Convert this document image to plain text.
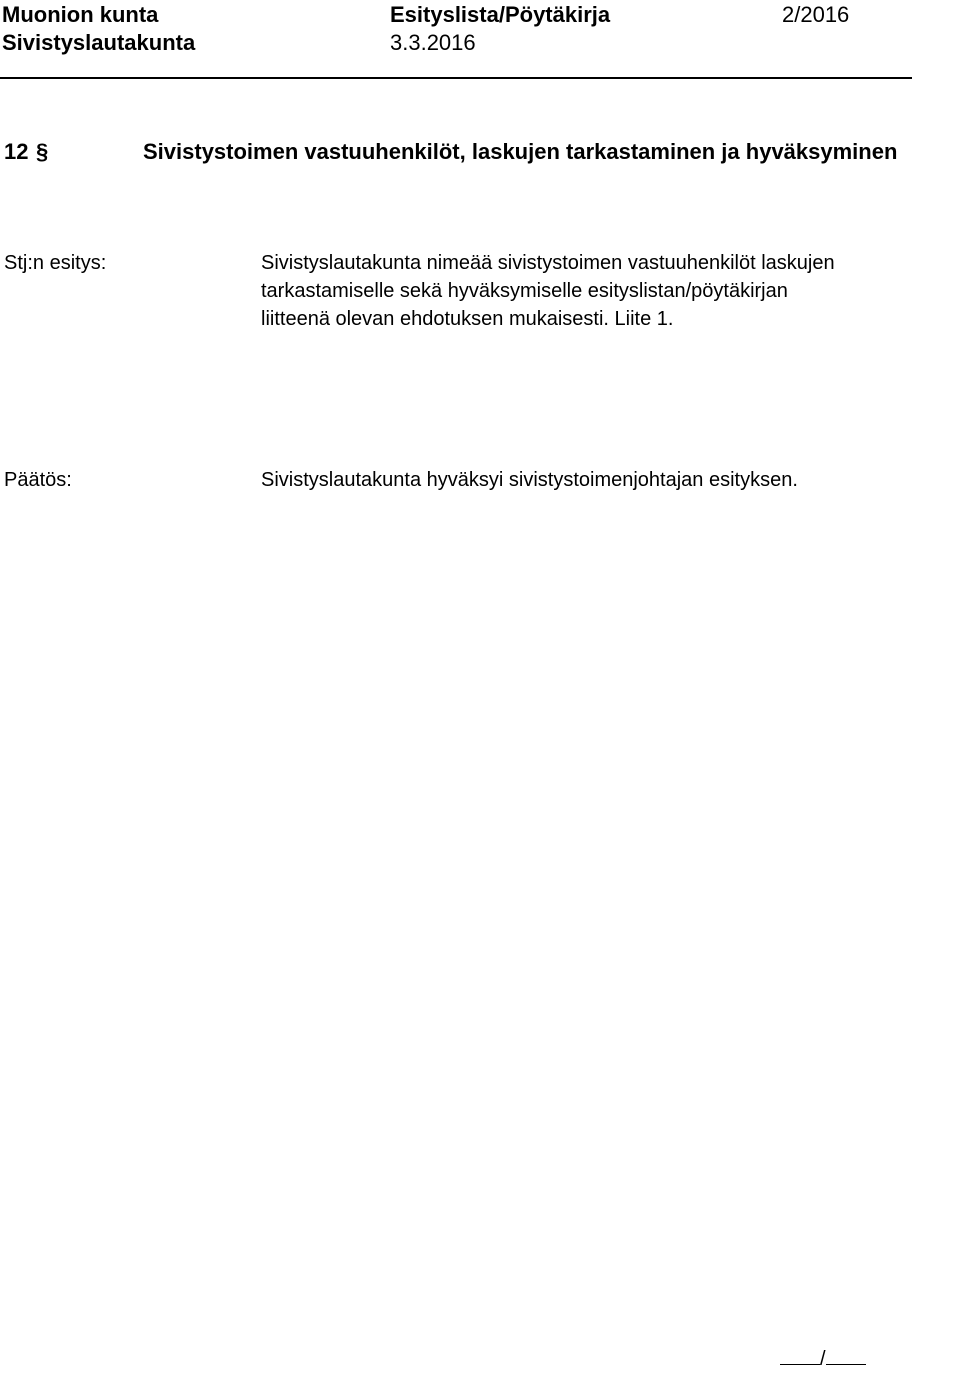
Muonion kunta	Esityslista/Pöytäkirja	2/2016
Sivistyslautakunta	3.3.2016
12 §	Sivistystoimen vastuuhenkilöt, laskujen tarkastaminen ja hyväksyminen
Stj:n esitys:	Sivistyslautakunta nimeää sivistystoimen vastuuhenkilöt laskujen
tarkastamiselle sekä hyväksymiselle esityslistan/pöytäkirjan
liitteenä olevan ehdotuksen mukaisesti. Liite 1.
Päätös:	Sivistyslautakunta hyväksyi sivistystoimenjohtajan esityksen.
/
